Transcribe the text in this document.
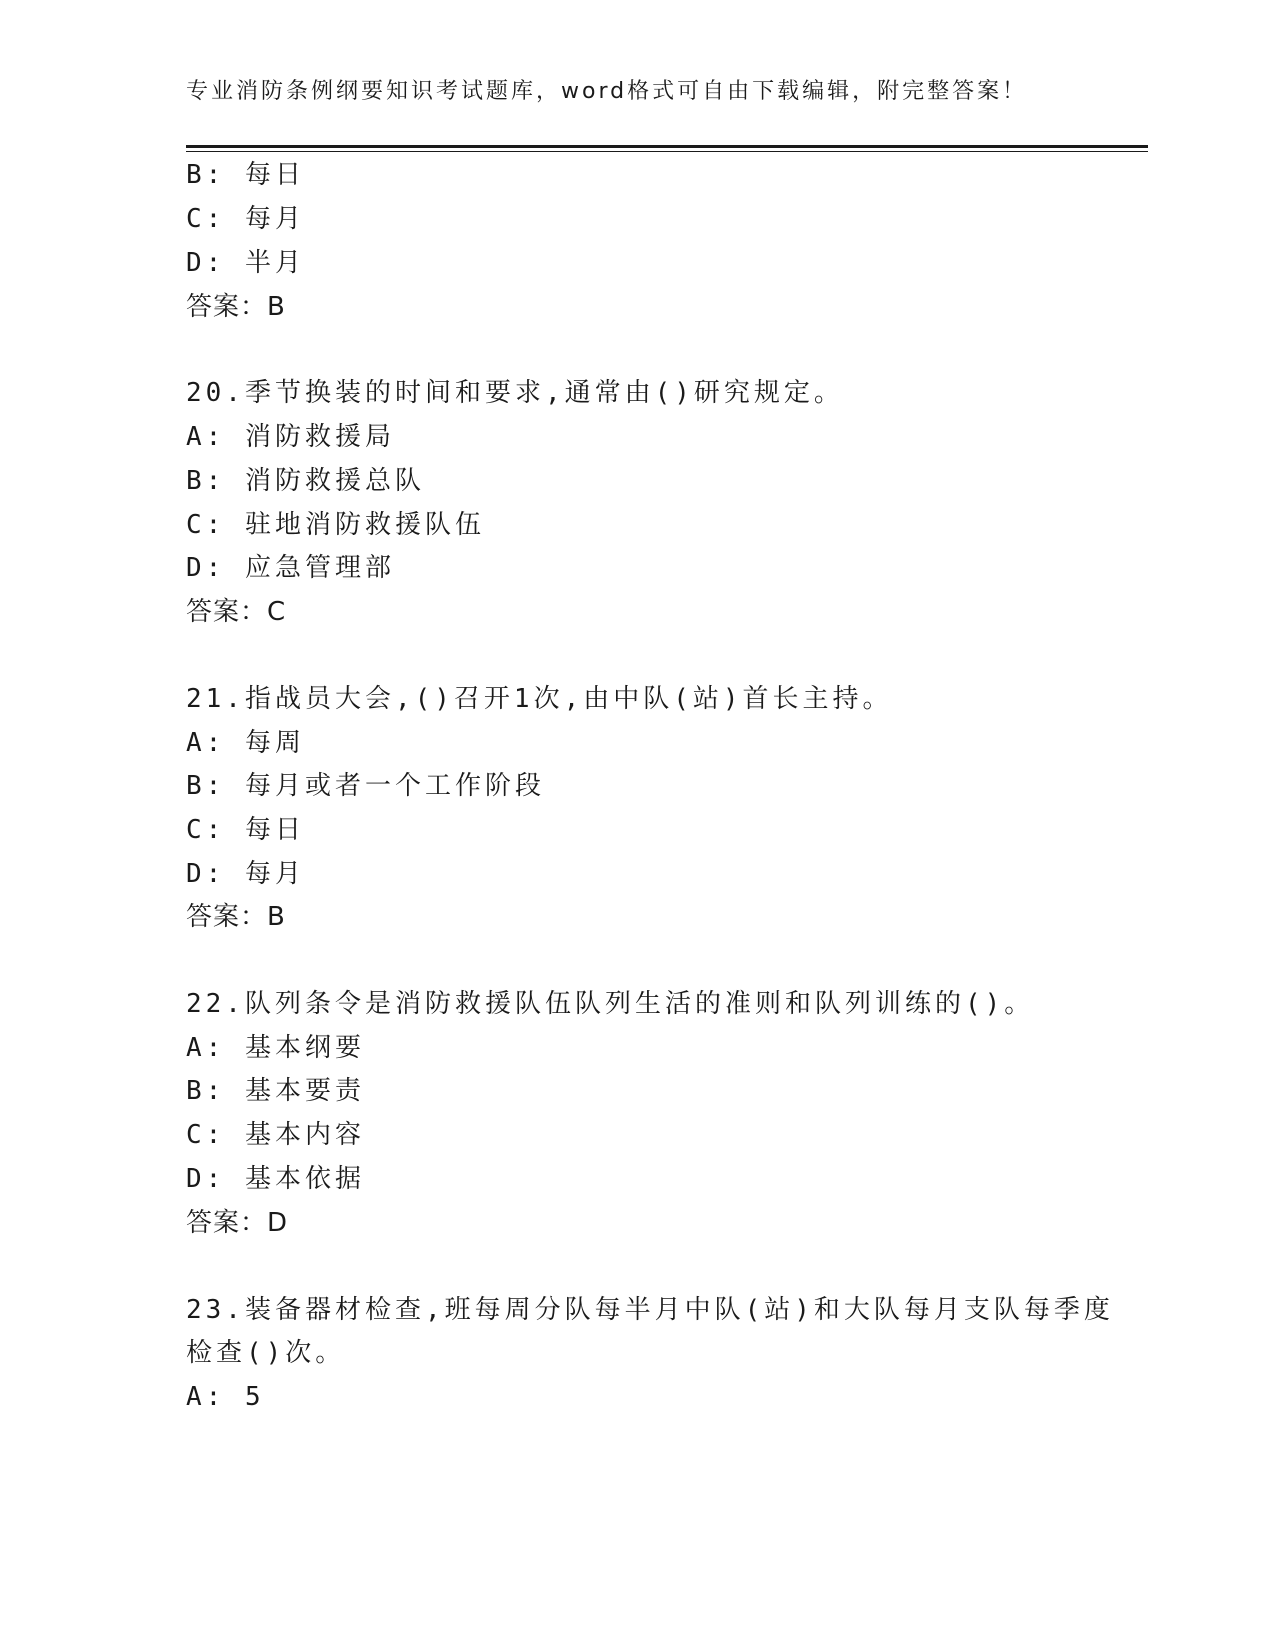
专业消防条例纲要知识考试题库，word格式可自由下载编辑，附完整答案！
B: 每日
C: 每月
D: 半月
答案：B
20.季节换装的时间和要求,通常由()研究规定。
A: 消防救援局
B: 消防救援总队
C: 驻地消防救援队伍
D: 应急管理部
答案：C
21.指战员大会,()召开1次,由中队(站)首长主持。
A: 每周
B: 每月或者一个工作阶段
C: 每日
D: 每月
答案：B
22.队列条令是消防救援队伍队列生活的准则和队列训练的()。
A: 基本纲要
B: 基本要责
C: 基本内容
D: 基本依据
答案：D
23.装备器材检查,班每周分队每半月中队(站)和大队每月支队每季度
检查()次。
A: 5
